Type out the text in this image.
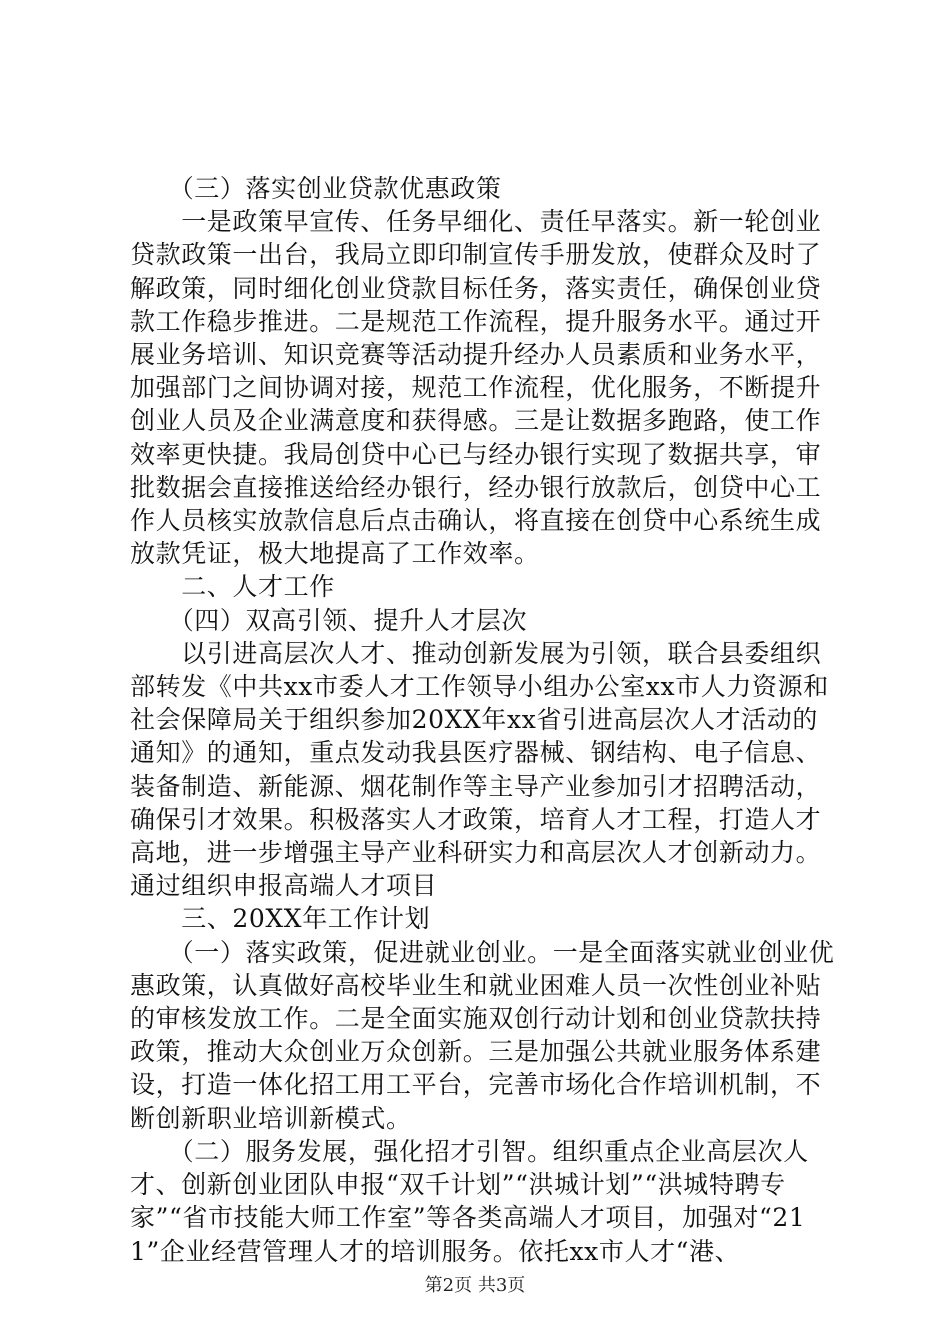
　　（三）落实创业贷款优惠政策

　　一是政策早宣传、任务早细化、责任早落实。新一轮创业贷款政策一出台，我局立即印制宣传手册发放，使群众及时了解政策，同时细化创业贷款目标任务，落实责任，确保创业贷款工作稳步推进。二是规范工作流程，提升服务水平。通过开展业务培训、知识竞赛等活动提升经办人员素质和业务水平，加强部门之间协调对接，规范工作流程，优化服务，不断提升创业人员及企业满意度和获得感。三是让数据多跑路，使工作效率更快捷。我局创贷中心已与经办银行实现了数据共享，审批数据会直接推送给经办银行，经办银行放款后，创贷中心工作人员核实放款信息后点击确认，将直接在创贷中心系统生成放款凭证，极大地提高了工作效率。

　　二、人才工作

　　（四）双高引领、提升人才层次

　　以引进高层次人才、推动创新发展为引领，联合县委组织部转发《中共xx市委人才工作领导小组办公室xx市人力资源和社会保障局关于组织参加20XX年xx省引进高层次人才活动的通知》的通知，重点发动我县医疗器械、钢结构、电子信息、装备制造、新能源、烟花制作等主导产业参加引才招聘活动，确保引才效果。积极落实人才政策，培育人才工程，打造人才高地，进一步增强主导产业科研实力和高层次人才创新动力。通过组织申报高端人才项目

　　三、20XX年工作计划

　　（一）落实政策，促进就业创业。一是全面落实就业创业优惠政策，认真做好高校毕业生和就业困难人员一次性创业补贴的审核发放工作。二是全面实施双创行动计划和创业贷款扶持政策，推动大众创业万众创新。三是加强公共就业服务体系建设，打造一体化招工用工平台，完善市场化合作培训机制，不断创新职业培训新模式。

　　（二）服务发展，强化招才引智。组织重点企业高层次人才、创新创业团队申报“双千计划”“洪城计划”“洪城特聘专家”“省市技能大师工作室”等各类高端人才项目，加强对“211”企业经营管理人才的培训服务。依托xx市人才“港、

第2页 共3页
